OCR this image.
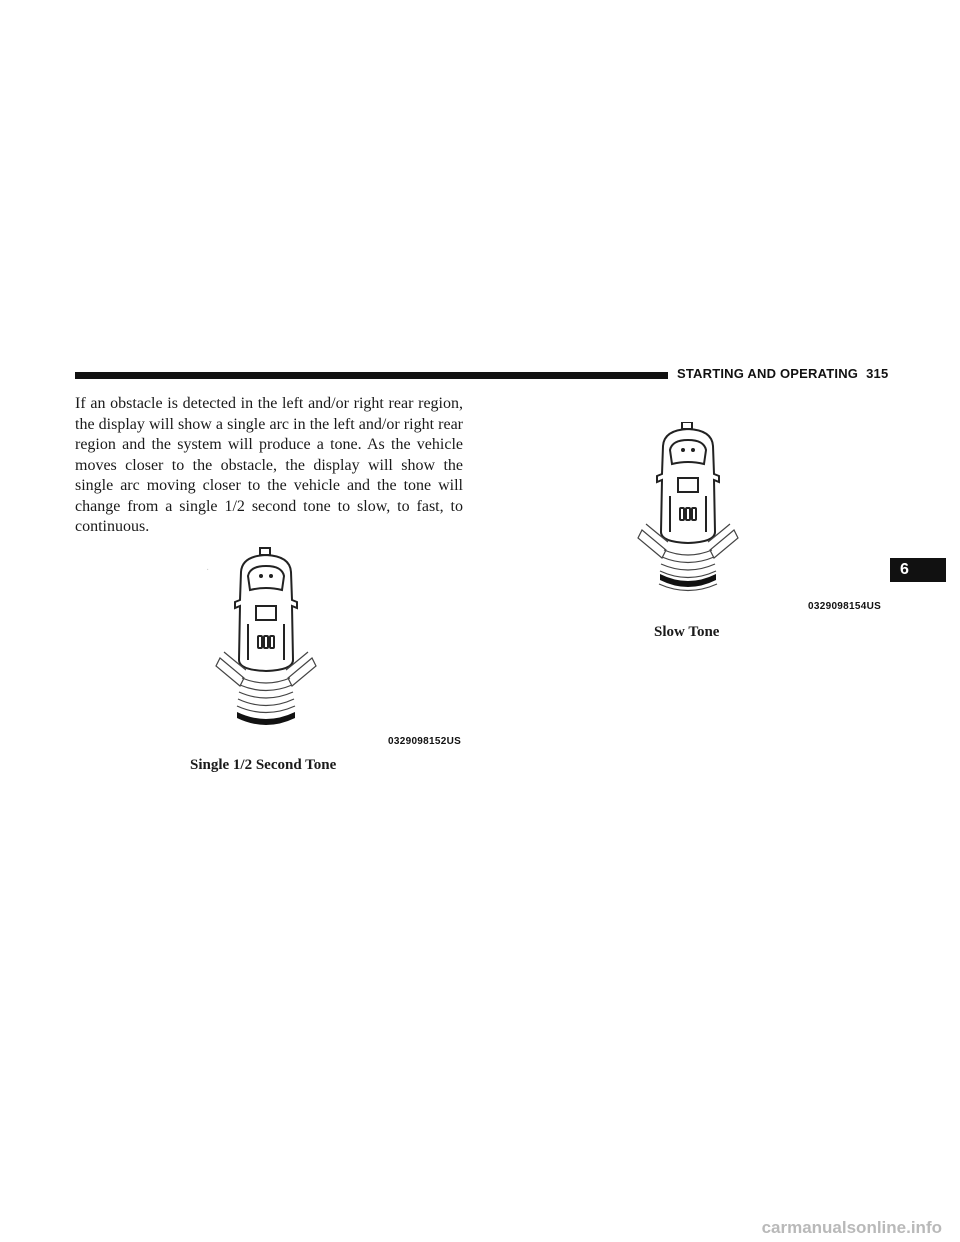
STARTING AND OPERATING 315

If an obstacle is detected in the left and/or right rear region, the display will show a single arc in the left and/or right rear region and the system will produce a tone. As the vehicle moves closer to the obstacle, the display will show the single arc moving closer to the vehicle and the tone will change from a single 1/2 second tone to slow, to fast, to continuous.

·
0329098152US
Single 1/2 Second Tone
0329098154US
Slow Tone
6
carmanualsonline.info
